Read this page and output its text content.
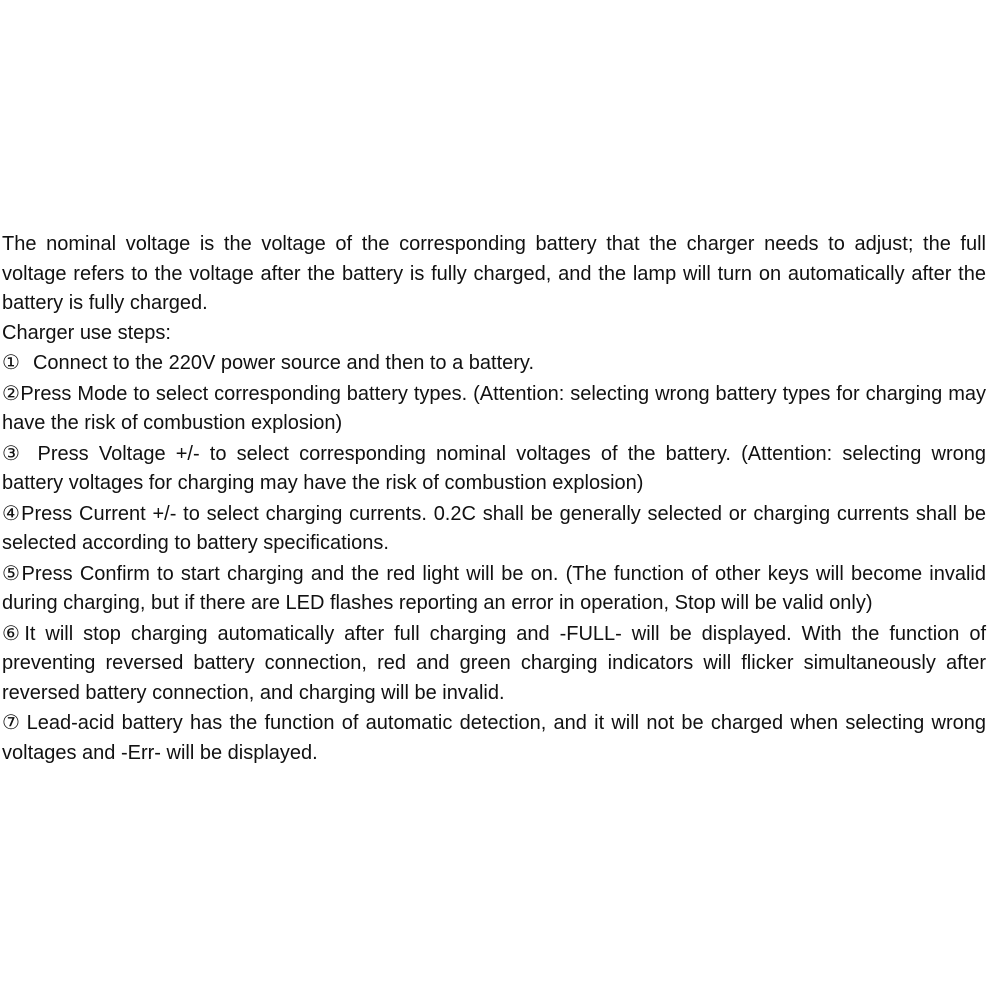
The nominal voltage is the voltage of the corresponding battery that the charger needs to adjust; the full voltage refers to the voltage after the battery is fully charged, and the lamp will turn on automatically after the battery is fully charged.

Charger use steps:

① Connect to the 220V power source and then to a battery.

②Press Mode to select corresponding battery types. (Attention: selecting wrong battery types for charging may have the risk of combustion explosion)

③ Press Voltage +/- to select corresponding nominal voltages of the battery. (Attention: selecting wrong battery voltages for charging may have the risk of combustion explosion)

④Press Current +/- to select charging currents. 0.2C shall be generally selected or charging currents shall be selected according to battery specifications.

⑤Press Confirm to start charging and the red light will be on. (The function of other keys will become invalid during charging, but if there are LED flashes reporting an error in operation, Stop will be valid only)

⑥It will stop charging automatically after full charging and -FULL- will be displayed. With the function of preventing reversed battery connection, red and green charging indicators will flicker simultaneously after reversed battery connection, and charging will be invalid.

⑦ Lead-acid battery has the function of automatic detection, and it will not be charged when selecting wrong voltages and -Err- will be displayed.
